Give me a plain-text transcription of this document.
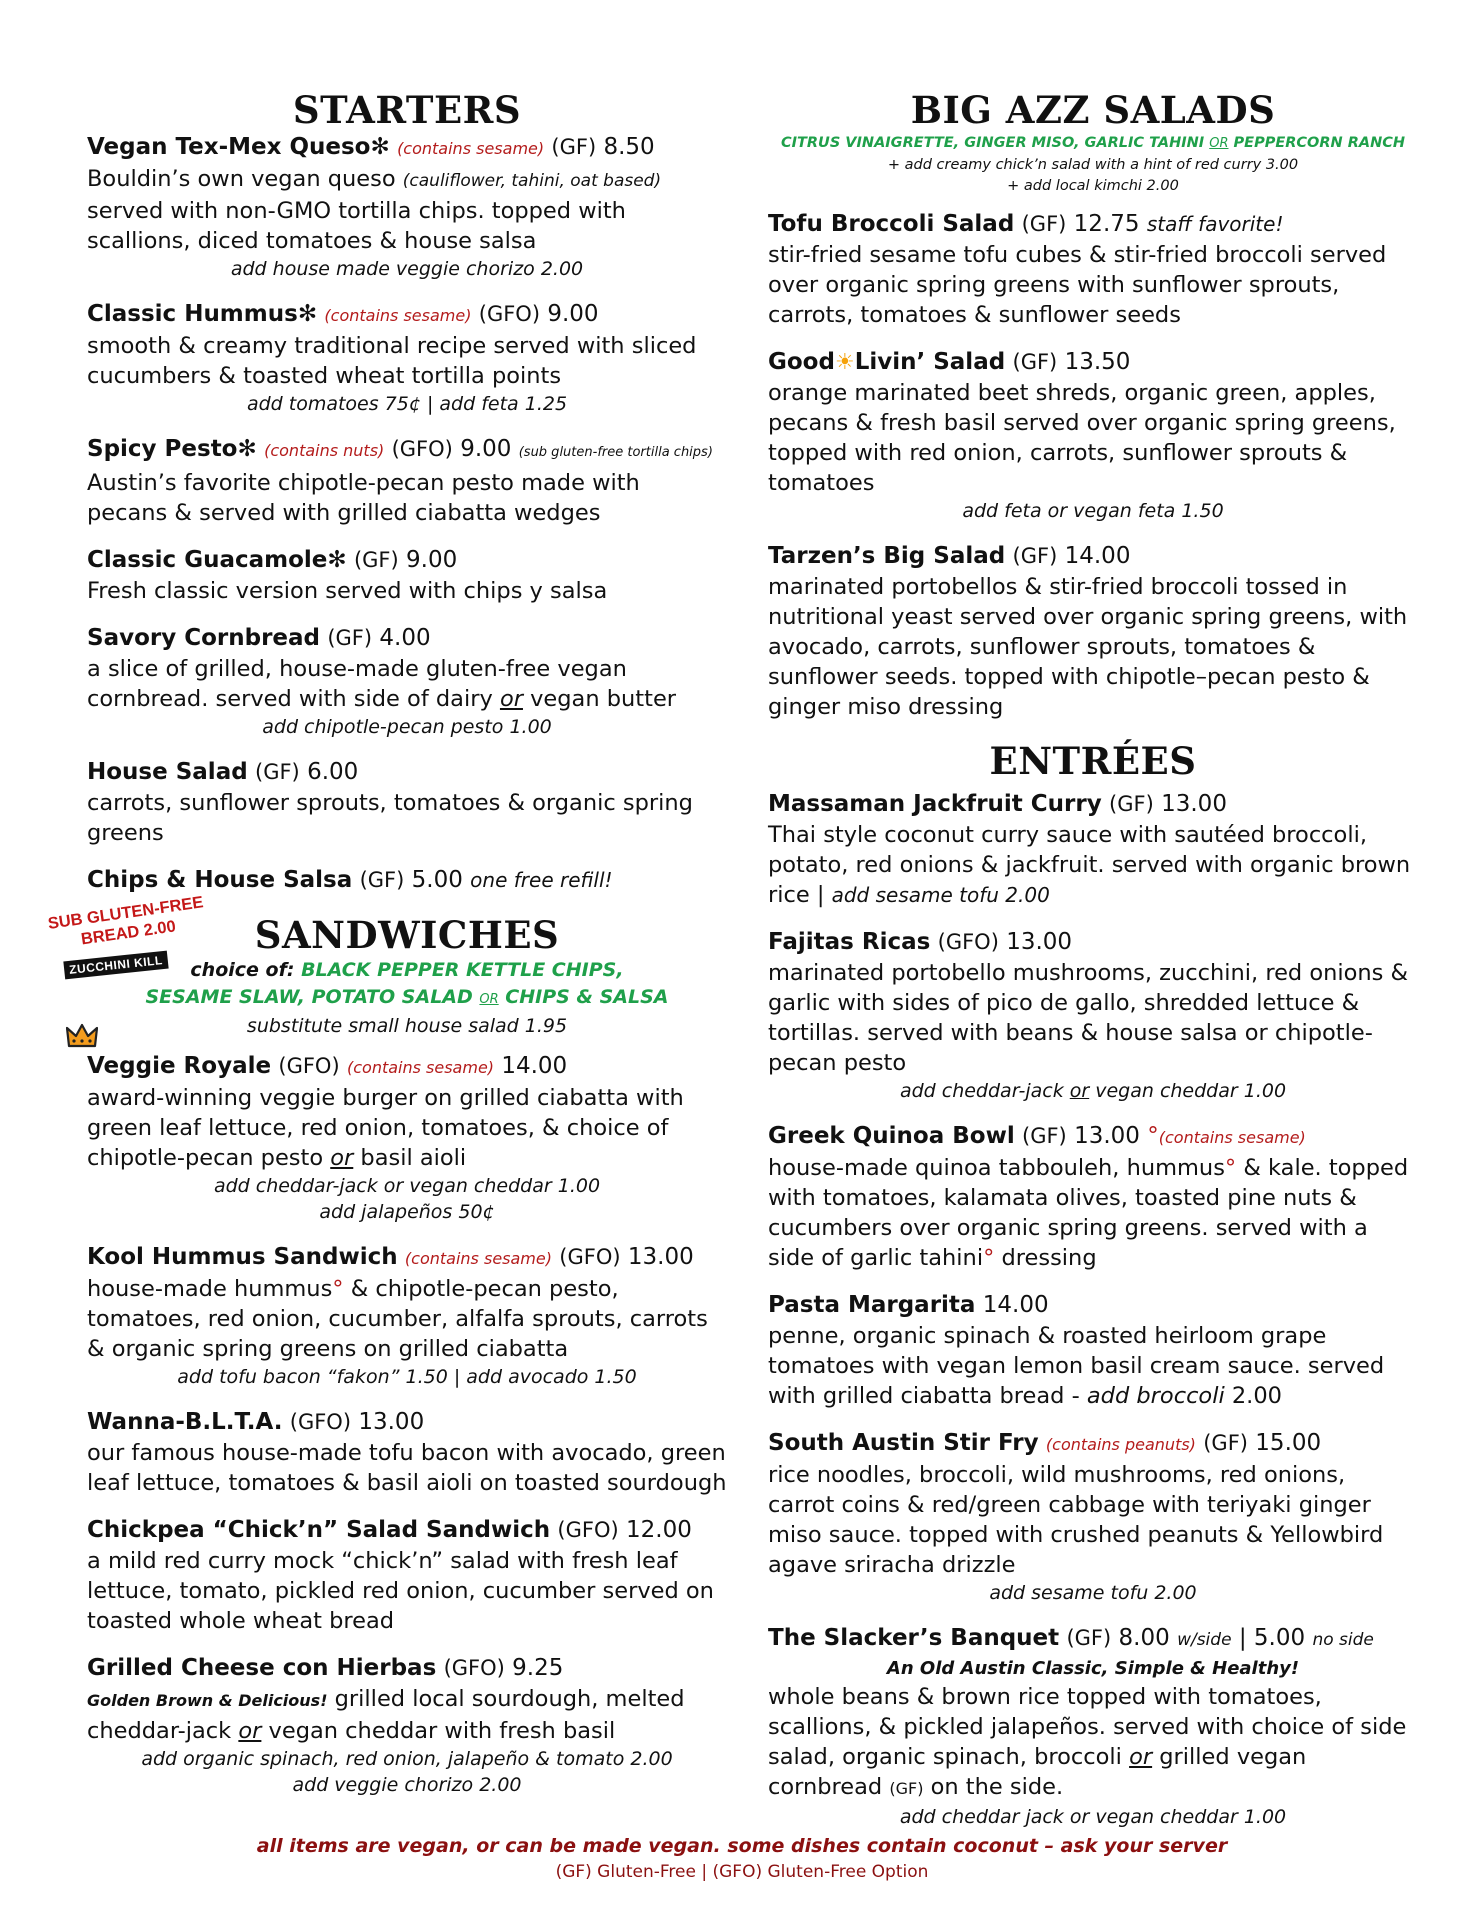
STARTERS
Vegan Tex-Mex Queso✻ (contains sesame) (GF) 8.50
Bouldin’s own vegan queso (cauliflower, tahini, oat based) served with non-GMO tortilla chips. topped with scallions, diced tomatoes & house salsa
add house made veggie chorizo 2.00
Classic Hummus✻ (contains sesame) (GFO) 9.00
smooth & creamy traditional recipe served with sliced cucumbers & toasted wheat tortilla points
add tomatoes 75¢ | add feta 1.25
Spicy Pesto✻ (contains nuts) (GFO) 9.00 (sub gluten-free tortilla chips)
Austin’s favorite chipotle-pecan pesto made with pecans & served with grilled ciabatta wedges
Classic Guacamole✻ (GF) 9.00
Fresh classic version served with chips y salsa
Savory Cornbread (GF) 4.00
a slice of grilled, house-made gluten-free vegan cornbread. served with side of dairy or vegan butter
add chipotle-pecan pesto 1.00
House Salad (GF) 6.00
carrots, sunflower sprouts, tomatoes & organic spring greens
Chips & House Salsa (GF) 5.00 one free refill!
SANDWICHES
choice of: BLACK PEPPER KETTLE CHIPS,
SESAME SLAW, POTATO SALAD OR CHIPS & SALSA
substitute small house salad 1.95
Veggie Royale (GFO) (contains sesame) 14.00
award-winning veggie burger on grilled ciabatta with green leaf lettuce, red onion, tomatoes, & choice of chipotle-pecan pesto or basil aioli
add cheddar-jack or vegan cheddar 1.00
add jalapeños 50¢
Kool Hummus Sandwich (contains sesame) (GFO) 13.00
house-made hummus° & chipotle-pecan pesto, tomatoes, red onion, cucumber, alfalfa sprouts, carrots & organic spring greens on grilled ciabatta
add tofu bacon “fakon” 1.50 | add avocado 1.50
Wanna-B.L.T.A. (GFO) 13.00
our famous house-made tofu bacon with avocado, green leaf lettuce, tomatoes & basil aioli on toasted sourdough
Chickpea “Chick’n” Salad Sandwich (GFO) 12.00
a mild red curry mock “chick’n” salad with fresh leaf lettuce, tomato, pickled red onion, cucumber served on toasted whole wheat bread
Grilled Cheese con Hierbas (GFO) 9.25
Golden Brown & Delicious! grilled local sourdough, melted cheddar-jack or vegan cheddar with fresh basil
add organic spinach, red onion, jalapeño & tomato 2.00
add veggie chorizo 2.00
SUB GLUTEN-FREE BREAD 2.00
ZUCCHINI KILL
BIG AZZ SALADS
CITRUS VINAIGRETTE, GINGER MISO, GARLIC TAHINI OR PEPPERCORN RANCH
+ add creamy chick’n salad with a hint of red curry 3.00
+ add local kimchi 2.00
Tofu Broccoli Salad (GF) 12.75 staff favorite!
stir-fried sesame tofu cubes & stir-fried broccoli served over organic spring greens with sunflower sprouts, carrots, tomatoes & sunflower seeds
Good☀Livin’ Salad (GF) 13.50
orange marinated beet shreds, organic green, apples, pecans & fresh basil served over organic spring greens, topped with red onion, carrots, sunflower sprouts & tomatoes
add feta or vegan feta 1.50
Tarzen’s Big Salad (GF) 14.00
marinated portobellos & stir-fried broccoli tossed in nutritional yeast served over organic spring greens, with avocado, carrots, sunflower sprouts, tomatoes & sunflower seeds. topped with chipotle–pecan pesto & ginger miso dressing
ENTRÉES
Massaman Jackfruit Curry (GF) 13.00
Thai style coconut curry sauce with sautéed broccoli, potato, red onions & jackfruit. served with organic brown rice | add sesame tofu 2.00
Fajitas Ricas (GFO) 13.00
marinated portobello mushrooms, zucchini, red onions & garlic with sides of pico de gallo, shredded lettuce & tortillas. served with beans & house salsa or chipotle-pecan pesto
add cheddar-jack or vegan cheddar 1.00
Greek Quinoa Bowl (GF) 13.00 °(contains sesame)
house-made quinoa tabbouleh, hummus° & kale. topped with tomatoes, kalamata olives, toasted pine nuts & cucumbers over organic spring greens. served with a side of garlic tahini° dressing
Pasta Margarita 14.00
penne, organic spinach & roasted heirloom grape tomatoes with vegan lemon basil cream sauce. served with grilled ciabatta bread - add broccoli 2.00
South Austin Stir Fry (contains peanuts) (GF) 15.00
rice noodles, broccoli, wild mushrooms, red onions, carrot coins & red/green cabbage with teriyaki ginger miso sauce. topped with crushed peanuts & Yellowbird agave sriracha drizzle
add sesame tofu 2.00
The Slacker’s Banquet (GF) 8.00 w/side | 5.00 no side
An Old Austin Classic, Simple & Healthy!
whole beans & brown rice topped with tomatoes, scallions, & pickled jalapeños. served with choice of side salad, organic spinach, broccoli or grilled vegan cornbread (GF) on the side.
add cheddar jack or vegan cheddar 1.00
all items are vegan, or can be made vegan. some dishes contain coconut – ask your server
(GF) Gluten-Free | (GFO) Gluten-Free Option
